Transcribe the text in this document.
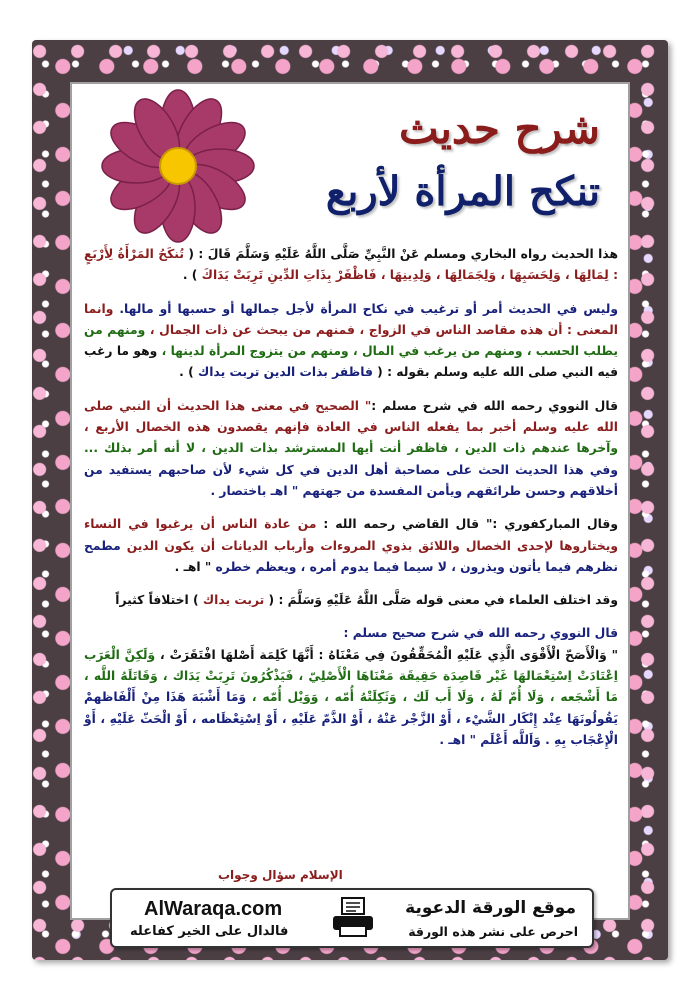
شرح حديث
تنكح المرأة لأربع

هذا الحديث رواه البخاري ومسلم عَنْ النَّبِيِّ صَلَّى اللَّهُ عَلَيْهِ وَسَلَّمَ قَالَ : ( تُنكَحُ المَرْأَةُ لِأَرْبَعٍ : لِمَالِهَا ، وَلِحَسَبِهَا ، وَلِجَمَالِهَا ، وَلِدِينِهَا ، فَاظْفَرْ بِذَاتِ الدِّينِ تَرِبَتْ يَدَاكَ ) .

وليس في الحديث أمر أو ترغيب في نكاح المرأة لأجل جمالها أو حسبها أو مالها. وانما المعنى : أن هذه مقاصد الناس في الزواج ، فمنهم من يبحث عن ذات الجمال ، ومنهم من يطلب الحسب ، ومنهم من يرغب في المال ، ومنهم من يتزوج المرأة لدينها ، وهو ما رغب فيه النبي صلى الله عليه وسلم بقوله : ( فاظفر بذات الدين تربت يداك ) .

قال النووي رحمه الله في شرح مسلم :" الصحيح في معنى هذا الحديث أن النبي صلى الله عليه وسلم أخبر بما يفعله الناس في العادة فإنهم يقصدون هذه الخصال الأربع ، وآخرها عندهم ذات الدين ، فاظفر أنت أيها المسترشد بذات الدين ، لا أنه أمر بذلك ... وفي هذا الحديث الحث على مصاحبة أهل الدين في كل شيء لأن صاحبهم يستفيد من أخلاقهم وحسن طرائقهم ويأمن المفسدة من جهتهم " اهـ باختصار .

وقال المباركفوري :" قال القاضي رحمه الله : من عادة الناس أن يرغبوا في النساء ويختاروها لإحدى الخصال واللائق بذوي المروءات وأرباب الديانات أن يكون الدين مطمح نظرهم فيما يأتون ويذرون ، لا سيما فيما يدوم أمره ، ويعظم خطره " اهـ .

وقد اختلف العلماء في معنى قوله صَلَّى اللَّهُ عَلَيْهِ وَسَلَّمَ : ( تربت يداك ) اختلافاً كثيراً

قال النووي رحمه الله في شرح صحيح مسلم :
" وَالْأَصَحّ الْأَقْوَى الَّذِي عَلَيْهِ الْمُحَقِّقُونَ فِي مَعْنَاهُ : أَنَّهَا كَلِمَة أَصْلهَا افْتَقَرَتْ ، وَلَكِنَّ الْعَرَب اِعْتَادَتْ اِسْتِعْمَالهَا غَيْر قَاصِدَة حَقِيقَة مَعْنَاهَا الْأَصْلِيّ ، فَيَذْكُرُونَ تَرِبَتْ يَدَاك ، وَقَاتَلَهُ اللَّه ، مَا أَشْجَعه ، وَلَا أُمّ لَهُ ، وَلَا أَب لَك ، وَثَكِلَتْهُ أُمّه ، وَوَيْل أُمّه ، وَمَا أَشْبَهَ هَذَا مِنْ أَلْفَاظهمْ يَقُولُونَهَا عِنْد إِنْكَار الشَّيْء ، أَوْ الزَّجْر عَنْهُ ، أَوْ الذَّمّ عَلَيْهِ ، أَوْ اِسْتِعْظَامه ، أَوْ الْحَثّ عَلَيْهِ ، أَوْ الْإِعْجَاب بِهِ . وَاَللَّه أَعْلَم " اهـ .

الإسلام سؤال وجواب
موقع الورقة الدعوية
احرص على نشر هذه الورقة
AlWaraqa.com
فالدال على الخير كفاعله
